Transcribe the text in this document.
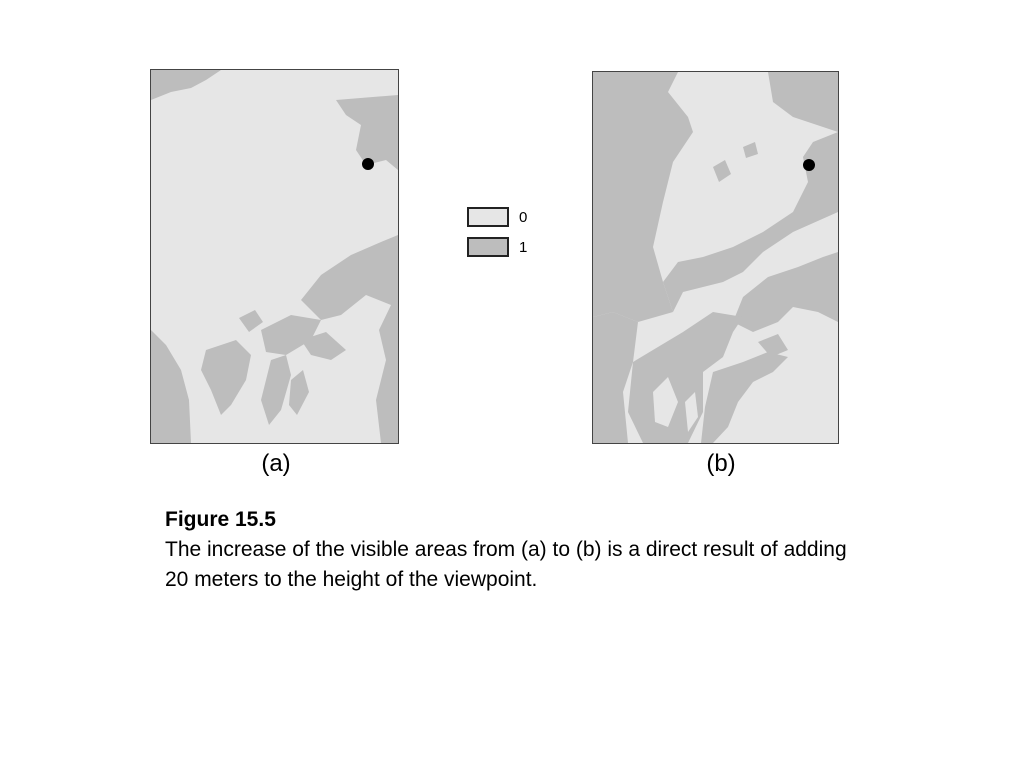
(a)
0
1
(b)
Figure 15.5
The increase of the visible areas from (a) to (b) is a direct result of adding 20 meters to the height of the viewpoint.
